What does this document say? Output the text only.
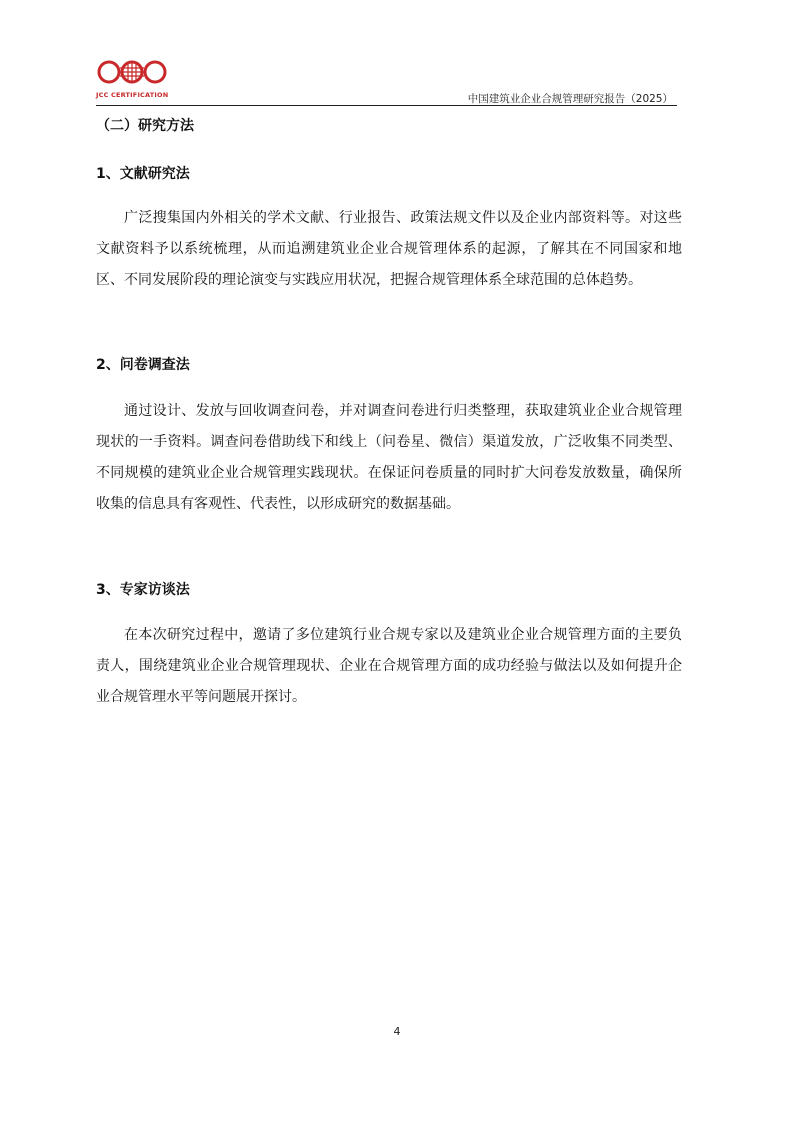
JCC CERTIFICATION	中国建筑业企业合规管理研究报告（2025）
（二）研究方法
1、文献研究法

广泛搜集国内外相关的学术文献、行业报告、政策法规文件以及企业内部资料等。对这些文献资料予以系统梳理，从而追溯建筑业企业合规管理体系的起源，了解其在不同国家和地区、不同发展阶段的理论演变与实践应用状况，把握合规管理体系全球范围的总体趋势。

2、问卷调查法

通过设计、发放与回收调查问卷，并对调查问卷进行归类整理，获取建筑业企业合规管理现状的一手资料。调查问卷借助线下和线上（问卷星、微信）渠道发放，广泛收集不同类型、不同规模的建筑业企业合规管理实践现状。在保证问卷质量的同时扩大问卷发放数量，确保所收集的信息具有客观性、代表性，以形成研究的数据基础。

3、专家访谈法

在本次研究过程中，邀请了多位建筑行业合规专家以及建筑业企业合规管理方面的主要负责人，围绕建筑业企业合规管理现状、企业在合规管理方面的成功经验与做法以及如何提升企业合规管理水平等问题展开探讨。

4
